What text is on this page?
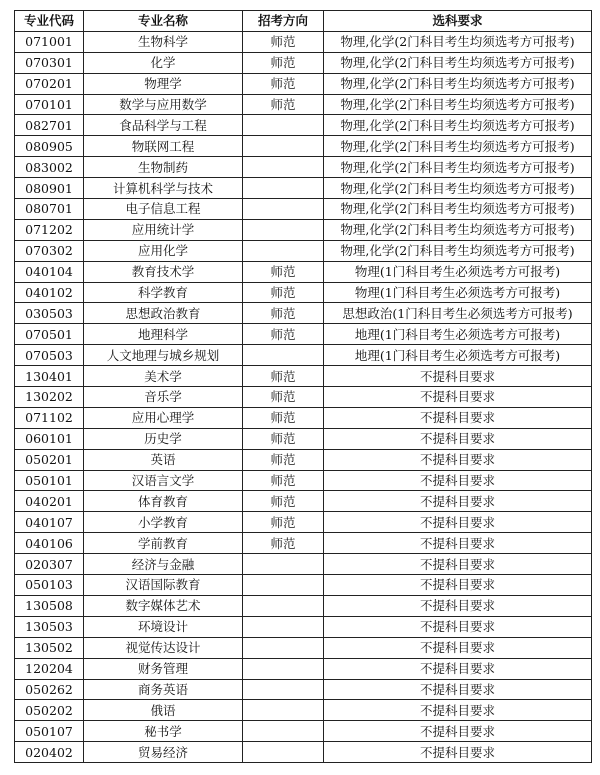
专业代码	专业名称	招考方向	选科要求
071001	生物科学	师范	物理,化学(2门科目考生均须选考方可报考)
070301	化学	师范	物理,化学(2门科目考生均须选考方可报考)
070201	物理学	师范	物理,化学(2门科目考生均须选考方可报考)
070101	数学与应用数学	师范	物理,化学(2门科目考生均须选考方可报考)
082701	食品科学与工程		物理,化学(2门科目考生均须选考方可报考)
080905	物联网工程		物理,化学(2门科目考生均须选考方可报考)
083002	生物制药		物理,化学(2门科目考生均须选考方可报考)
080901	计算机科学与技术		物理,化学(2门科目考生均须选考方可报考)
080701	电子信息工程		物理,化学(2门科目考生均须选考方可报考)
071202	应用统计学		物理,化学(2门科目考生均须选考方可报考)
070302	应用化学		物理,化学(2门科目考生均须选考方可报考)
040104	教育技术学	师范	物理(1门科目考生必须选考方可报考)
040102	科学教育	师范	物理(1门科目考生必须选考方可报考)
030503	思想政治教育	师范	思想政治(1门科目考生必须选考方可报考)
070501	地理科学	师范	地理(1门科目考生必须选考方可报考)
070503	人文地理与城乡规划		地理(1门科目考生必须选考方可报考)
130401	美术学	师范	不提科目要求
130202	音乐学	师范	不提科目要求
071102	应用心理学	师范	不提科目要求
060101	历史学	师范	不提科目要求
050201	英语	师范	不提科目要求
050101	汉语言文学	师范	不提科目要求
040201	体育教育	师范	不提科目要求
040107	小学教育	师范	不提科目要求
040106	学前教育	师范	不提科目要求
020307	经济与金融		不提科目要求
050103	汉语国际教育		不提科目要求
130508	数字媒体艺术		不提科目要求
130503	环境设计		不提科目要求
130502	视觉传达设计		不提科目要求
120204	财务管理		不提科目要求
050262	商务英语		不提科目要求
050202	俄语		不提科目要求
050107	秘书学		不提科目要求
020402	贸易经济		不提科目要求
